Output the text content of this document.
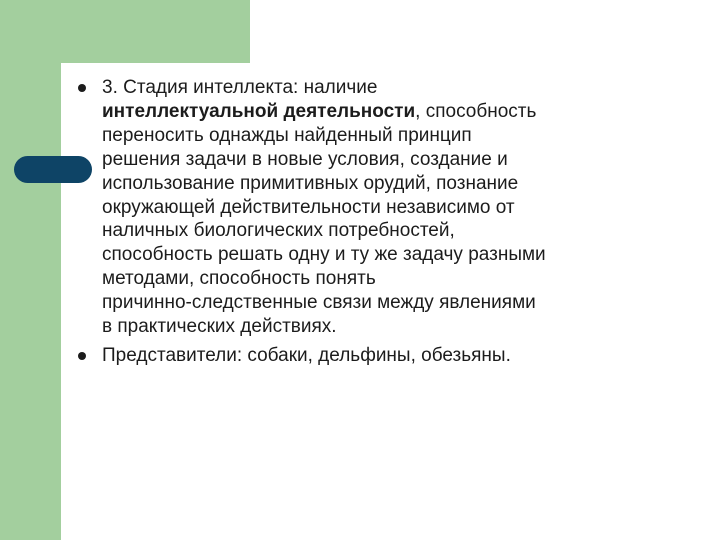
3. Стадия интеллекта: наличие
интеллектуальной деятельности, способность
переносить однажды найденный принцип
решения задачи в новые условия, создание и
использование примитивных орудий, познание
окружающей действительности независимо от
наличных биологических потребностей,
способность решать одну и ту же задачу разными
методами, способность понять
причинно-следственные связи между явлениями
в практических действиях.
Представители: собаки, дельфины, обезьяны.
